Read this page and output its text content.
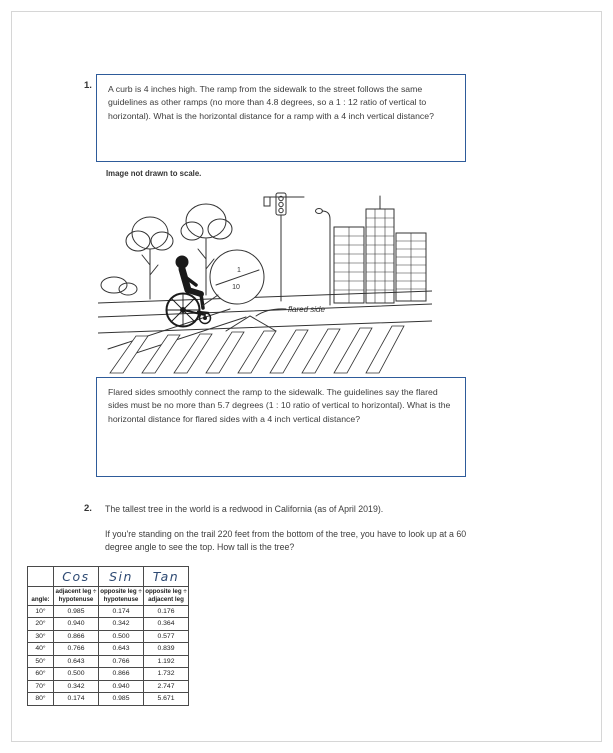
1. A curb is 4 inches high. The ramp from the sidewalk to the street follows the same guidelines as other ramps (no more than 4.8 degrees, so a 1 : 12 ratio of vertical to horizontal). What is the horizontal distance for a ramp with a 4 inch vertical distance?

Image not drawn to scale.
1
10
flared side

Flared sides smoothly connect the ramp to the sidewalk. The guidelines say the flared sides must be no more than 5.7 degrees (1 : 10 ratio of vertical to horizontal). What is the horizontal distance for flared sides with a 4 inch vertical distance?

2. The tallest tree in the world is a redwood in California (as of April 2019).

If you're standing on the trail 220 feet from the bottom of the tree, you have to look up at a 60 degree angle to see the top. How tall is the tree?

	Cos	Sin	Tan
angle:	adjacent leg ÷ hypotenuse	opposite leg ÷ hypotenuse	opposite leg ÷ adjacent leg
10°	0.985	0.174	0.176
20°	0.940	0.342	0.364
30°	0.866	0.500	0.577
40°	0.766	0.643	0.839
50°	0.643	0.766	1.192
60°	0.500	0.866	1.732
70°	0.342	0.940	2.747
80°	0.174	0.985	5.671
